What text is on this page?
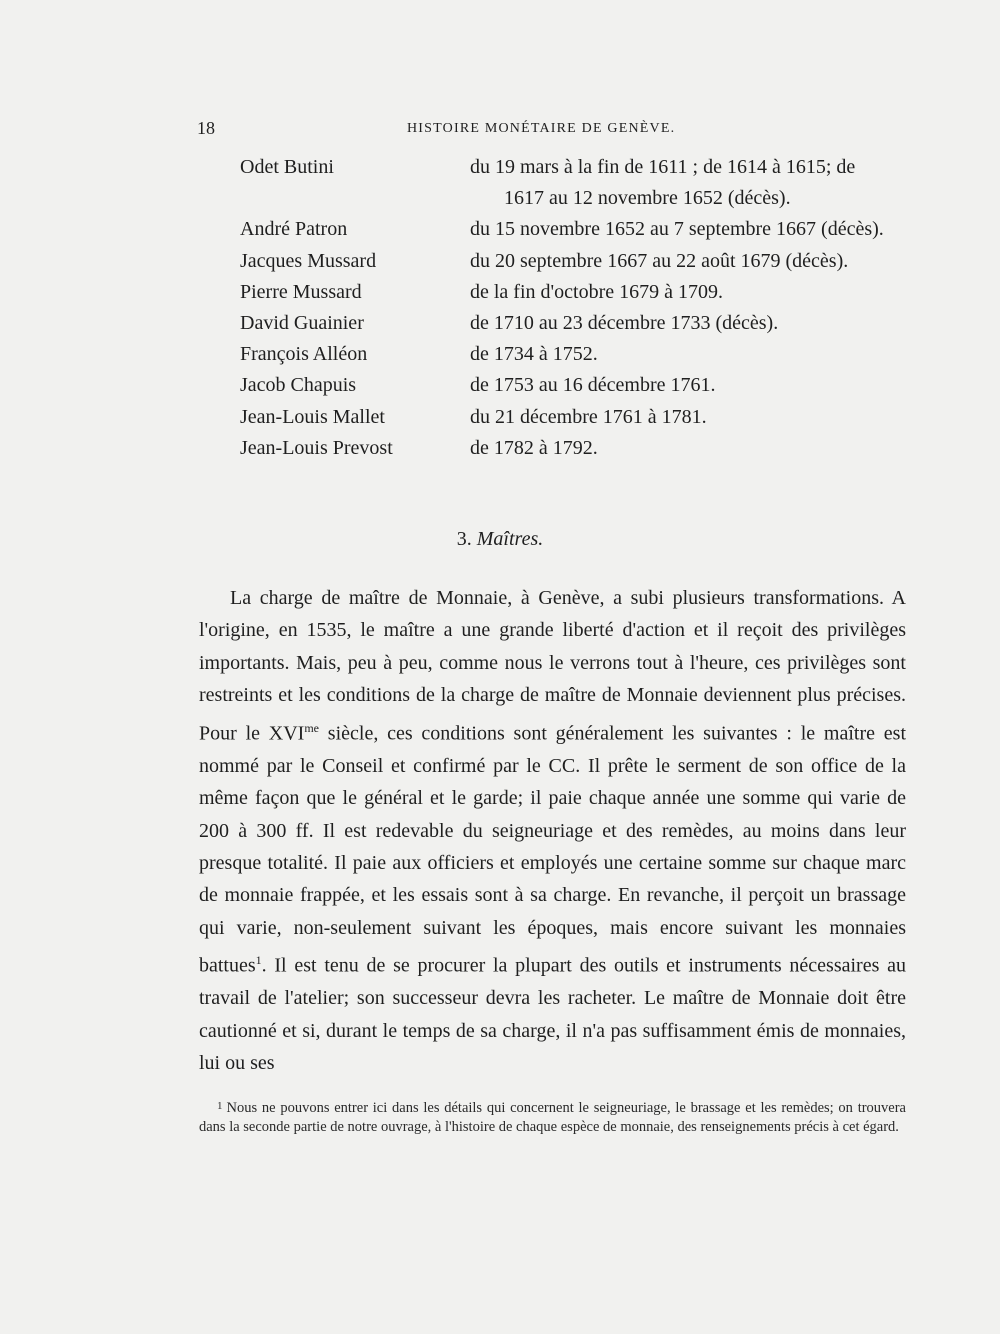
18	HISTOIRE MONÉTAIRE DE GENÈVE.
Odet Butini	du 19 mars à la fin de 1611 ; de 1614 à 1615; de
1617 au 12 novembre 1652 (décès).
André Patron	du 15 novembre 1652 au 7 septembre 1667 (décès).
Jacques Mussard	du 20 septembre 1667 au 22 août 1679 (décès).
Pierre Mussard	de la fin d'octobre 1679 à 1709.
David Guainier	de 1710 au 23 décembre 1733 (décès).
François Alléon	de 1734 à 1752.
Jacob Chapuis	de 1753 au 16 décembre 1761.
Jean-Louis Mallet	du 21 décembre 1761 à 1781.
Jean-Louis Prevost	de 1782 à 1792.
3. Maîtres.

La charge de maître de Monnaie, à Genève, a subi plusieurs transformations. A l'origine, en 1535, le maître a une grande liberté d'action et il reçoit des privilèges importants. Mais, peu à peu, comme nous le verrons tout à l'heure, ces privilèges sont restreints et les conditions de la charge de maître de Monnaie deviennent plus précises. Pour le $XVI^{me}$ siècle, ces conditions sont généralement les suivantes : le maître est nommé par le Conseil et confirmé par le CC. Il prête le serment de son office de la même façon que le général et le garde; il paie chaque année une somme qui varie de 200 à 300 ff. Il est redevable du seigneuriage et des remèdes, au moins dans leur presque totalité. Il paie aux officiers et employés une certaine somme sur chaque marc de monnaie frappée, et les essais sont à sa charge. En revanche, il perçoit un brassage qui varie, non-seulement suivant les époques, mais encore suivant les monnaies battues$^1$. Il est tenu de se procurer la plupart des outils et instruments nécessaires au travail de l'atelier; son successeur devra les racheter. Le maître de Monnaie doit être cautionné et si, durant le temps de sa charge, il n'a pas suffisamment émis de monnaies, lui ou ses

$^1$ Nous ne pouvons entrer ici dans les détails qui concernent le seigneuriage, le brassage et les remèdes; on trouvera dans la seconde partie de notre ouvrage, à l'histoire de chaque espèce de monnaie, des renseignements précis à cet égard.
